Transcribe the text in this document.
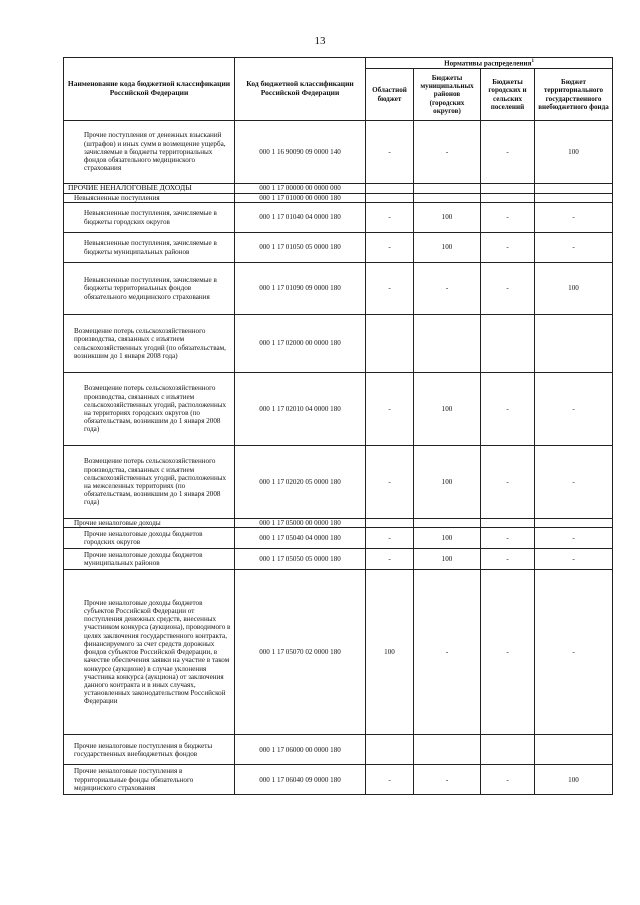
13
Наименование кода бюджетной классификации Российской Федерации	Код бюджетной классификации Российской Федерации	Нормативы распределения$^1$
		Областной бюджет	Бюджеты муниципальных районов (городских округов)	Бюджеты городских и сельских поселений	Бюджет территориального государственного внебюджетного фонда
Прочие поступления от денежных взысканий (штрафов) и иных сумм в возмещение ущерба, зачисляемые в бюджеты территориальных фондов обязательного медицинского страхования	000 1 16 90090 09 0000 140	-	-	-	100
ПРОЧИЕ НЕНАЛОГОВЫЕ ДОХОДЫ	000 1 17 00000 00 0000 000				
Невыясненные поступления	000 1 17 01000 00 0000 180				
Невыясненные поступления, зачисляемые в бюджеты городских округов	000 1 17 01040 04 0000 180	-	100	-	-
Невыясненные поступления, зачисляемые в бюджеты муниципальных районов	000 1 17 01050 05 0000 180	-	100	-	-
Невыясненные поступления, зачисляемые в бюджеты территориальных фондов обязательного медицинского страхования	000 1 17 01090 09 0000 180	-	-	-	100
Возмещение потерь сельскохозяйственного производства, связанных с изъятием сельскохозяйственных угодий (по обязательствам, возникшим до 1 января 2008 года)	000 1 17 02000 00 0000 180				
Возмещение потерь сельскохозяйственного производства, связанных с изъятием сельскохозяйственных угодий, расположенных на территориях городских округов (по обязательствам, возникшим до 1 января 2008 года)	000 1 17 02010 04 0000 180	-	100	-	-
Возмещение потерь сельскохозяйственного производства, связанных с изъятием сельскохозяйственных угодий, расположенных на межселенных территориях (по обязательствам, возникшим до 1 января 2008 года)	000 1 17 02020 05 0000 180	-	100	-	-
Прочие неналоговые доходы	000 1 17 05000 00 0000 180				
Прочие неналоговые доходы бюджетов городских округов	000 1 17 05040 04 0000 180	-	100	-	-
Прочие неналоговые доходы бюджетов муниципальных районов	000 1 17 05050 05 0000 180	-	100	-	-
Прочие неналоговые доходы бюджетов субъектов Российской Федерации от поступления денежных средств, внесенных участником конкурса (аукциона), проводимого в целях заключения государственного контракта, финансируемого за счет средств дорожных фондов субъектов Российской Федерации, в качестве обеспечения заявки на участие в таком конкурсе (аукционе) в случае уклонения участника конкурса (аукциона) от заключения данного контракта и в иных случаях, установленных законодательством Российской Федерации	000 1 17 05070 02 0000 180	100	-	-	-
Прочие неналоговые поступления в бюджеты государственных внебюджетных фондов	000 1 17 06000 00 0000 180				
Прочие неналоговые поступления в территориальные фонды обязательного медицинского страхования	000 1 17 06040 09 0000 180	-	-	-	100
